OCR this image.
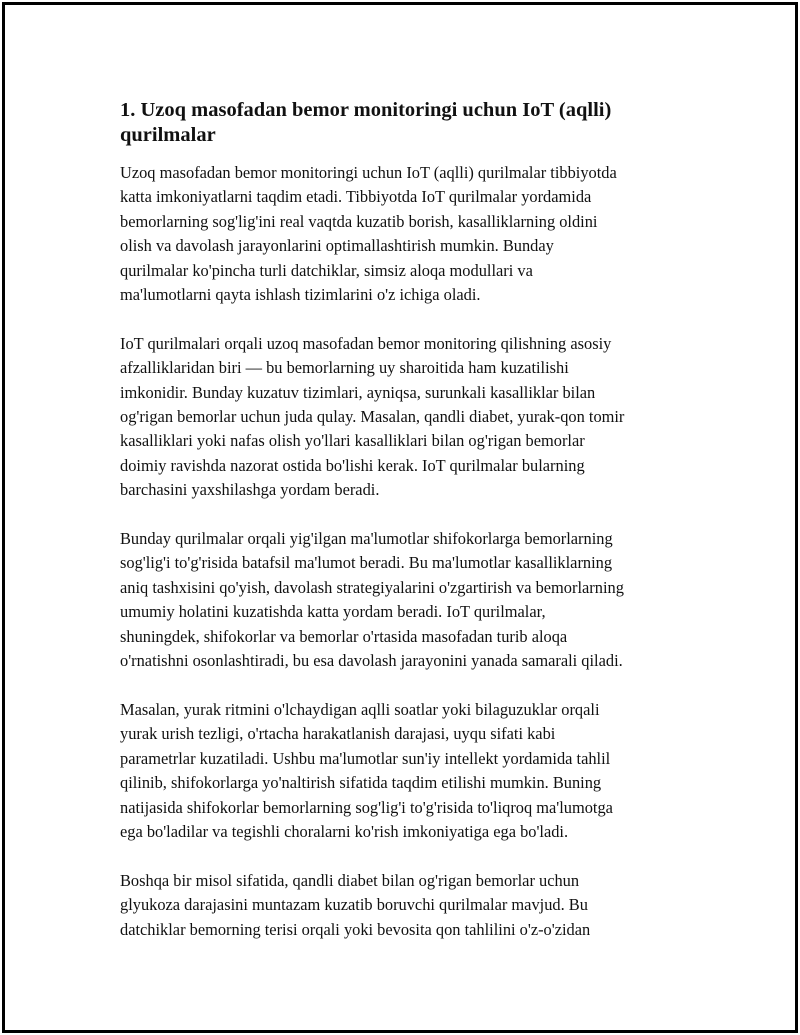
1. Uzoq masofadan bemor monitoringi uchun IoT (aqlli)
qurilmalar

Uzoq masofadan bemor monitoringi uchun IoT (aqlli) qurilmalar tibbiyotda
katta imkoniyatlarni taqdim etadi. Tibbiyotda IoT qurilmalar yordamida
bemorlarning sog'lig'ini real vaqtda kuzatib borish, kasalliklarning oldini
olish va davolash jarayonlarini optimallashtirish mumkin. Bunday
qurilmalar ko'pincha turli datchiklar, simsiz aloqa modullari va
ma'lumotlarni qayta ishlash tizimlarini o'z ichiga oladi.

IoT qurilmalari orqali uzoq masofadan bemor monitoring qilishning asosiy
afzalliklaridan biri — bu bemorlarning uy sharoitida ham kuzatilishi
imkonidir. Bunday kuzatuv tizimlari, ayniqsa, surunkali kasalliklar bilan
og'rigan bemorlar uchun juda qulay. Masalan, qandli diabet, yurak-qon tomir
kasalliklari yoki nafas olish yo'llari kasalliklari bilan og'rigan bemorlar
doimiy ravishda nazorat ostida bo'lishi kerak. IoT qurilmalar bularning
barchasini yaxshilashga yordam beradi.

Bunday qurilmalar orqali yig'ilgan ma'lumotlar shifokorlarga bemorlarning
sog'lig'i to'g'risida batafsil ma'lumot beradi. Bu ma'lumotlar kasalliklarning
aniq tashxisini qo'yish, davolash strategiyalarini o'zgartirish va bemorlarning
umumiy holatini kuzatishda katta yordam beradi. IoT qurilmalar,
shuningdek, shifokorlar va bemorlar o'rtasida masofadan turib aloqa
o'rnatishni osonlashtiradi, bu esa davolash jarayonini yanada samarali qiladi.

Masalan, yurak ritmini o'lchaydigan aqlli soatlar yoki bilaguzuklar orqali
yurak urish tezligi, o'rtacha harakatlanish darajasi, uyqu sifati kabi
parametrlar kuzatiladi. Ushbu ma'lumotlar sun'iy intellekt yordamida tahlil
qilinib, shifokorlarga yo'naltirish sifatida taqdim etilishi mumkin. Buning
natijasida shifokorlar bemorlarning sog'lig'i to'g'risida to'liqroq ma'lumotga
ega bo'ladilar va tegishli choralarni ko'rish imkoniyatiga ega bo'ladi.

Boshqa bir misol sifatida, qandli diabet bilan og'rigan bemorlar uchun
glyukoza darajasini muntazam kuzatib boruvchi qurilmalar mavjud. Bu
datchiklar bemorning terisi orqali yoki bevosita qon tahlilini o'z-o'zidan
